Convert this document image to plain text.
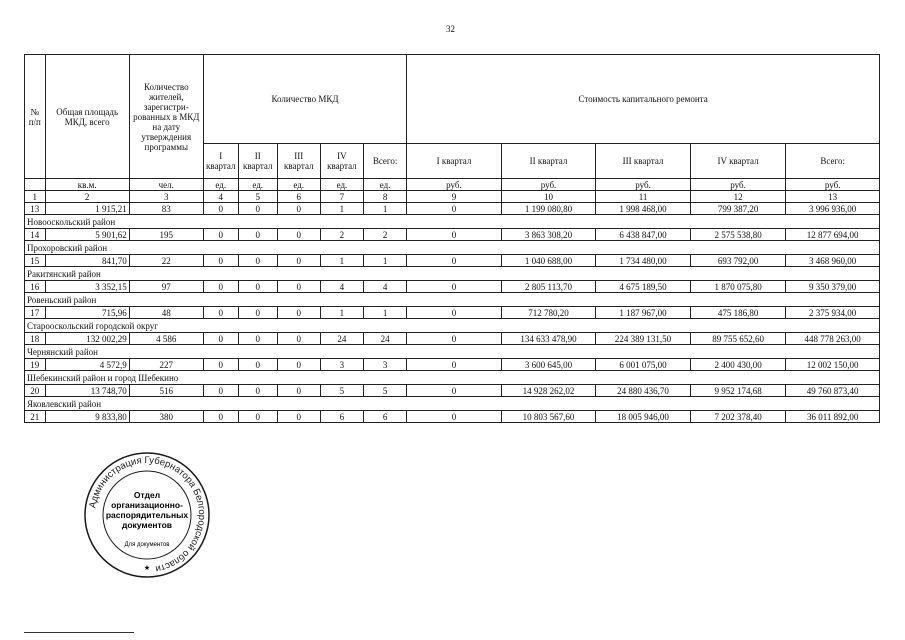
32
№ п/п	Общая площадь МКД, всего	Количество жителей, зарегистри-рованных в МКД на дату утверждения программы	Количество МКД					Стоимость капитального ремонта				
			I квартал	II квартал	III квартал	IV квартал	Всего:	I квартал	II квартал	III квартал	IV квартал	Всего:
	кв.м.	чел.	ед.	ед.	ед.	ед.	ед.	руб.	руб.	руб.	руб.	руб.
1	2	3	4	5	6	7	8	9	10	11	12	13
13	1 915,21	83	0	0	0	1	1	0	1 199 080,80	1 998 468,00	799 387,20	3 996 936,00
Новооскольский район												
14	5 901,62	195	0	0	0	2	2	0	3 863 308,20	6 438 847,00	2 575 538,80	12 877 694,00
Прохоровский район												
15	841,70	22	0	0	0	1	1	0	1 040 688,00	1 734 480,00	693 792,00	3 468 960,00
Ракитянский район												
16	3 352,15	97	0	0	0	4	4	0	2 805 113,70	4 675 189,50	1 870 075,80	9 350 379,00
Ровеньский район												
17	715,96	48	0	0	0	1	1	0	712 780,20	1 187 967,00	475 186,80	2 375 934,00
Старооскольский городской округ												
18	132 002,29	4 586	0	0	0	24	24	0	134 633 478,90	224 389 131,50	89 755 652,60	448 778 263,00
Чернянский район												
19	4 572,9	227	0	0	0	3	3	0	3 600 645,00	6 001 075,00	2 400 430,00	12 002 150,00
Шебекинский район и город Шебекино												
20	13 748,70	516	0	0	0	5	5	0	14 928 262,02	24 880 436,70	9 952 174,68	49 760 873,40
Яковлевский район												
21	9 833,80	380	0	0	0	6	6	0	10 803 567,60	18 005 946,00	7 202 378,40	36 011 892,00
Администрация Губернатора Белгородской области
Отдел
организационно-
распорядительных
документов
Для документов
★
